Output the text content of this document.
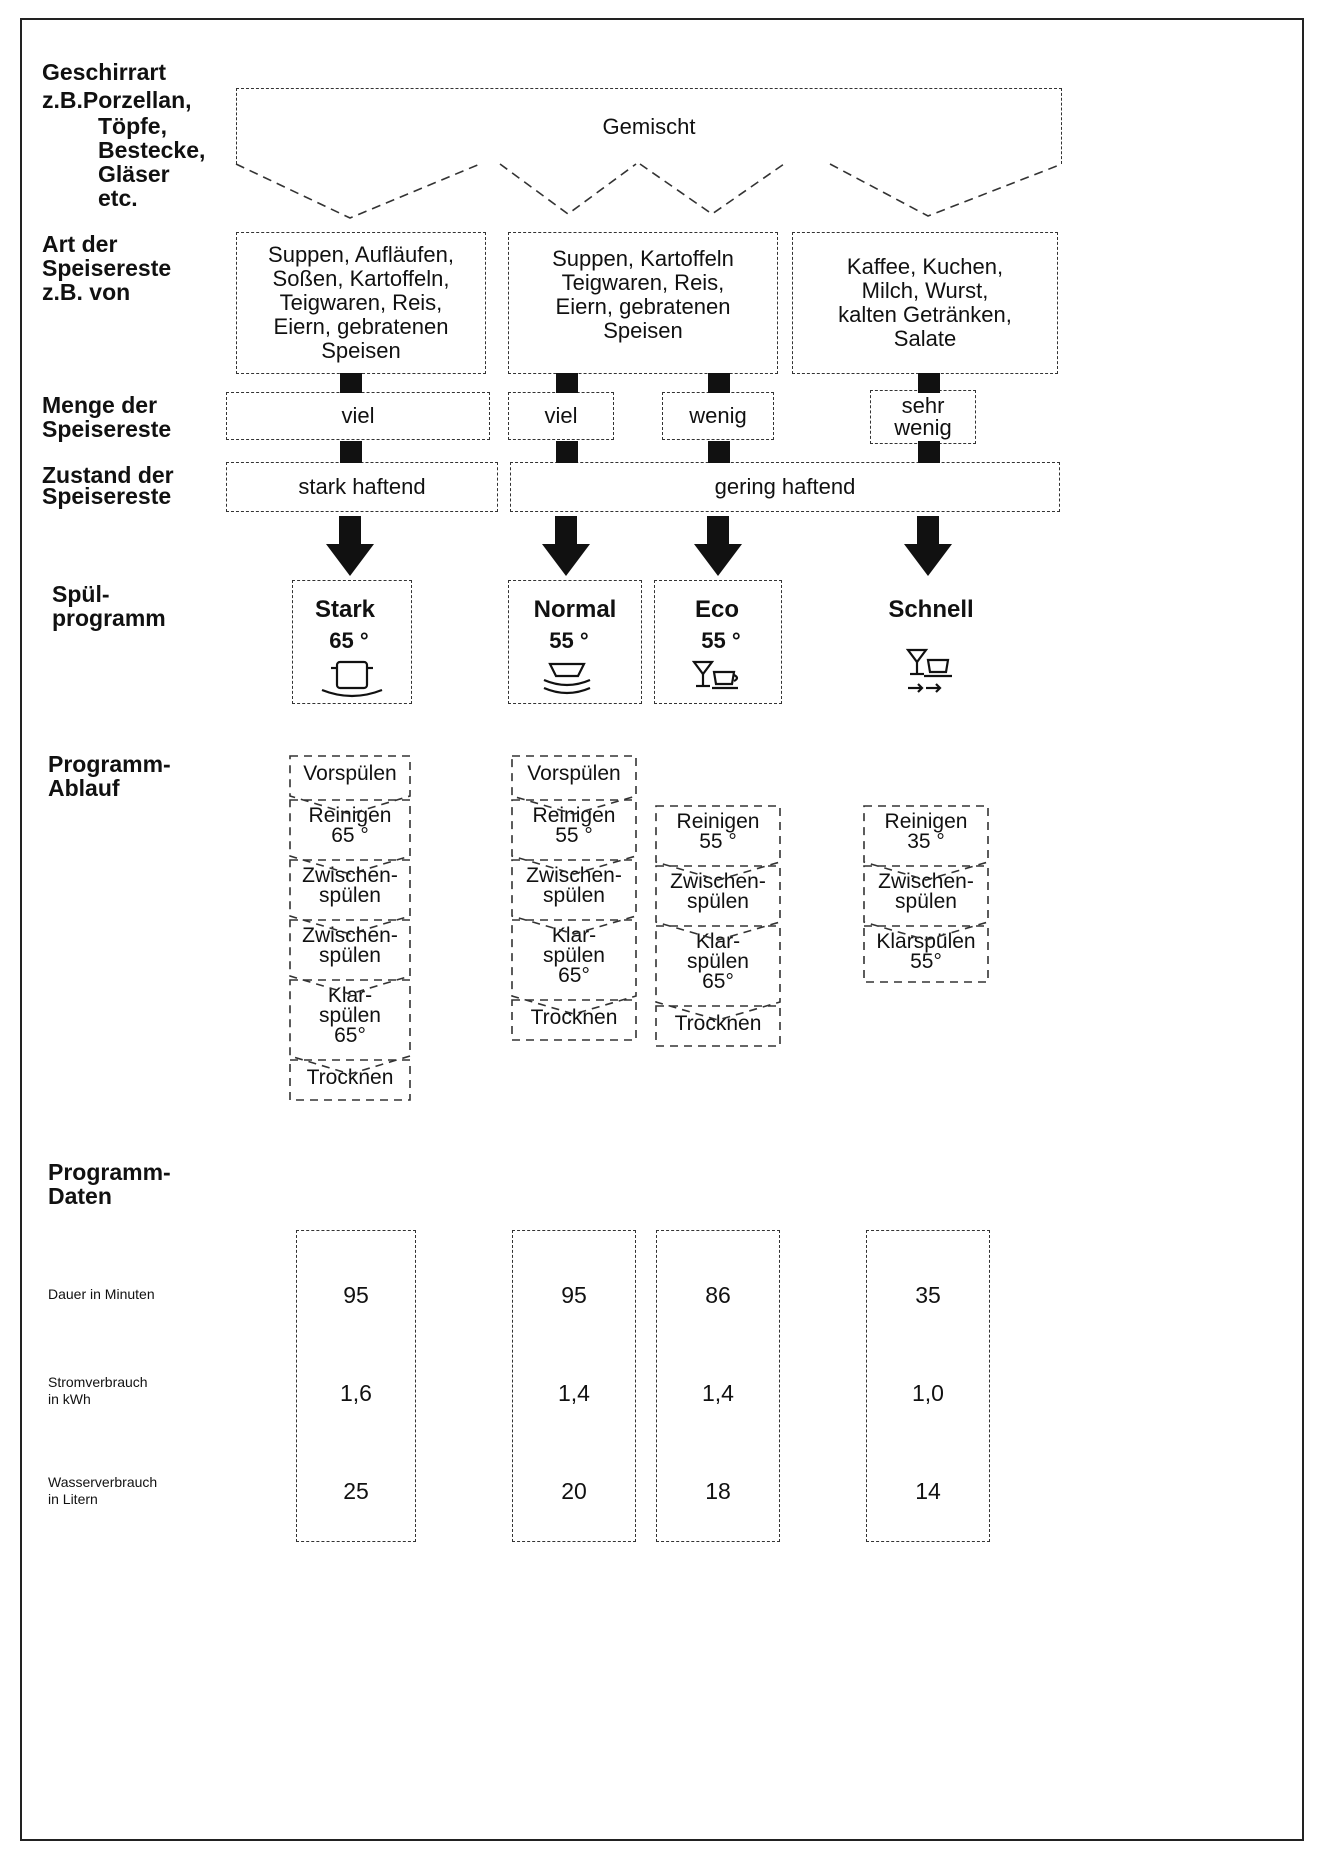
Geschirrart
z.B.Porzellan,
Töpfe,
Bestecke,
Gläser
etc.
Art der
Speisereste
z.B. von
Menge der
Speisereste
Zustand der
Speisereste
Spül-
programm
Programm-
Ablauf
Programm-
Daten
Dauer in Minuten
Stromverbrauch
in kWh
Wasserverbrauch
in Litern
Gemischt
Suppen, Aufläufen,
Soßen, Kartoffeln,
Teigwaren, Reis,
Eiern, gebratenen
Speisen
Suppen, Kartoffeln
Teigwaren, Reis,
Eiern, gebratenen
Speisen
Kaffee, Kuchen,
Milch, Wurst,
kalten Getränken,
Salate
viel	viel	wenig	sehr
wenig
stark haftend	gering haftend
Stark	Normal	Eco	Schnell
65 °	55 °	55 °
Vorspülen
Reinigen
65 °
Zwischen-
spülen
Zwischen-
spülen
Klar-
spülen
65°
Trocknen
Vorspülen
Reinigen
55 °
Zwischen-
spülen
Klar-
spülen
65°
Trocknen
Reinigen
55 °
Zwischen-
spülen
Klar-
spülen
65°
Trocknen
Reinigen
35 °
Zwischen-
spülen
Klarspülen
55°
95	95	86	35
1,6	1,4	1,4	1,0
25	20	18	14
